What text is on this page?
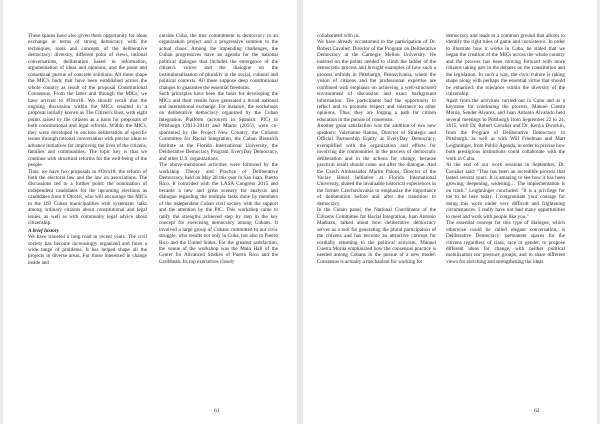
These spaces have also given them opportunity for ideas exchange in terms of strong democracy with the techniques, tools and concepts of the deliberative democracy: diversity, different point of views, rational conversations, deliberation based in information, argumentation of ideas and opinions, and the point and consensual pursue of concrete solutions. All these shape the MIC's body that have been established across the whole country as result of the proposal Constitutional Consensus. From the latter and through the MICs, we have arrived to #Otro18. We should recall that the ongoing discussion within the MICs resulted in a proposal initially known as The Citizen's Bust, with eight points raised by the citizens as a basis for proposals of both constitutional and legal reforms. Within the MICs, they were developed to enclose deliberation of specific issues through rational conversation with precise ideas to advance initiatives for improving the lives of the citizens, families and communities. The topic key is that we continue with structural reforms for the well-being of the people.

Thus, we have two proposals in #Otro18: the reform of both the electoral law and the law on associations. The discussions led to a further point: the nomination of independent candidates for the upcoming elections as candidates from # Otro18, who will encourage the MICs in the 169 Cuban municipalities with systematic talks among ordinary citizens about constitutional and legal issues, as well as with community legal advice about citizenship.

A brief history

We have traveled a long road in recent years. The civil society has become increasingly organized and faces a wide range of problems. It has helped shape all the projects in diverse areas. For those interested in change inside and

outside Cuba, the true commitment is democracy in an organization project and a progressive solution to the actual chaos. Among the impending challenges, the Cuban progressives have an agenda for the national political dialogue that includes the emergence of the citizen's voices and the dialogue on the institutionalization of plurality in the social, cultural and political contexts. All these suppose deep constitutional changes to guarantee the essential freedoms.

Such principles have been the basis for developing the MICs and their results have generated a broad national and international exchange. For instance, the workshops on deliberative democracy organized by the Cuban Integration Platform (acronym in Spanish: PIC) in Pittsburgh (2013-2014) and Miami (2015), were co-sponsored by the Project New Country, the Citizens Committee for Racial Integration, the Cuban Research Institute at the Florida International University, the Deliberative Democracy Program, EveryDay Democracy, and other U.S. organizations.

The above-mentioned activities were followed by the workshop Theory and Practice of Deliberative Democracy, held on May 28 this year in San Juan, Puerto Rico. It coincided with the LASA Congress 2015 and became a new and great scenery for analysis and dialogue regarding the multiple tasks done by members of the independent Cuban civil society with the support and the attention by the PIC. This workshop came to ratify the strengths achieved step by step in the key concept for exercising democracy among Cubans. It involved a large group of Cubans committed to our civic struggle, who results not only in Cuba, but also in Puerto Rico and the United States. For the greatest satisfaction, the venue of the workshop was the Main Hall of the Center for Advanced Studies of Puerto Rico and the Caribbean. Its top executives closely

61

collaborated with us.

We have already accustomed to the participation of Dr. Robert Cavalier, Director of the Program on Deliberative Democracy at the Carnegie Mellon University. He insisted on the points needed to climb the ladder of the democratic process and brought examples of how such a process unfolds in Pittsburgh, Pennsylvania, where the vision of citizens and the professional expertise are combined with emphasis on achieving a well-structured environment of discussion and exact background information. The participants had the opportunity to reflect and to promote respect and tolerance to other opinions. Thus, they are forging a path for citizen education in the pursue of consensus.

Another great satisfaction was the addition of two new speakers: Valerianne Ramos, Director of Strategic and Official Partnership Equity at EveryDay Democracy, exemplified with the organization and efforts for involving the communities in the process of democratic deliberation and in the actions for change, because practical result should come out after the dialogue. And the Czech Ambassador Martin Palous, Director of the Vaclav Havel Initiative at Florida International University, shared the invaluable historical experiences in the former Czechoslovakia to emphasize the importance of deliberation before and after the transition to democracy.

In the Cuban panel, the National Coordinator of the Citizens Committee for Racial Integration, Juan Antonio Madrazo, talked about how deliberative democracy serves as a tool for generating the plural participation of the citizens and has become an attractive concept for cordially returning to the political activism. Manuel Cuesta Morúa emphasized how the consensus practice is needed among Cubans in the pursue of a new model. Consensus is actually a mechanism for working for

democracy and leads to a common ground that allows to identify the right rules of game and coexistence. In order to illustrate how it works in Cuba, he stated that we began the creation of the MICs across the whole country and the process has been moving forward with more citizens taking part in the debates on the constitution and the legislation. In such a way, the civic culture is taking shape along with perhaps the essential virtue that should be enhanced: the tolerance within the diversity of the citizenship.

Apart from the activities carried out in Cuba and as a keystone for continuing the process, Manuel Cuesta Morúa, Sender Alvarez, and Juan Antonio Alvarado held several meetings in Pittsburgh from September 22 to 24, 2015, with Dr. Robert Cavalier and Dr. Kenya Dworkin, from the Program of Deliberative Democracy in Pittsburgh, as well as with Will Friedman and Matt Leighninger, from Public Agenda, in order to precise how both prestigious institutions could collaborate with the work in Cuba.

At the end of our work sessions in September, Dr. Cavalier said: "This has been an incredible process that lasted several years. It is amazing to see how it has been growing, deepening, widening… The implementation is on track." Leighninger concluded: "It is a privilege for me to be here today. I congratulate your courage for doing this work under very difficult and frightening circumstances. I really have not had many opportunities to meet and work with people like you."

The essential concept for this type of dialogue, which otherwise could be called elegant conversation, is Deliberative Democracy: permanent spaces for the citizens regardless of class, race or gender, to propose different ideas for change, with neither political mobilization nor pressure groups, and to share different views for enriching and strengthening the ideas

62
